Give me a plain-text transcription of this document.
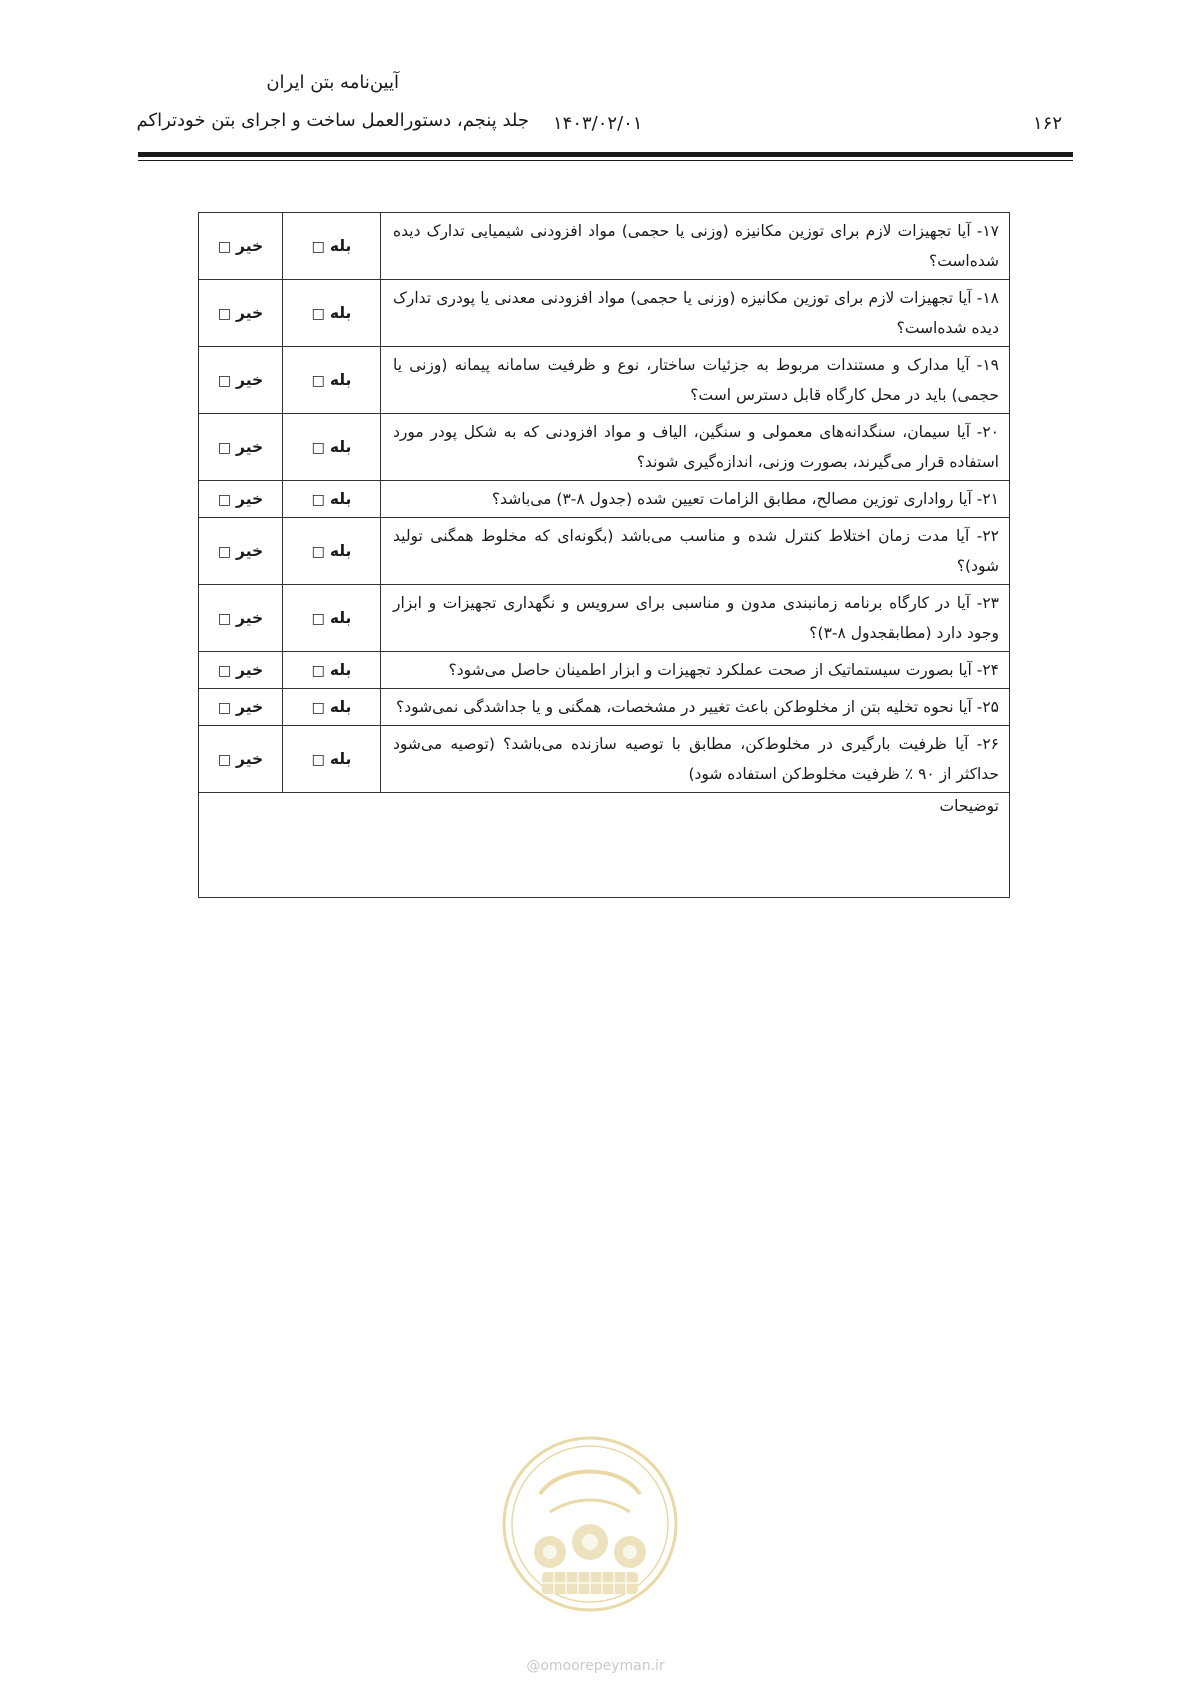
آیین‌نامه بتن ایران
جلد پنجم، دستورالعمل ساخت و اجرای بتن خودتراکم ۱۴۰۳/۰۲/۰۱	۱۶۲
۱۷- آیا تجهیزات لازم برای توزین مکانیزه (وزنی یا حجمی) مواد افزودنی شیمیایی تدارک دیده شده‌است؟	بله□	خیر□
۱۸- آیا تجهیزات لازم برای توزین مکانیزه (وزنی یا حجمی) مواد افزودنی معدنی یا پودری تدارک دیده شده‌است؟	بله□	خیر□
۱۹- آیا مدارک و مستندات مربوط به جزئیات ساختار، نوع و ظرفیت سامانه پیمانه (وزنی یا حجمی) باید در محل کارگاه قابل دسترس است؟	بله□	خیر□
۲۰- آیا سیمان، سنگدانه‌های معمولی و سنگین، الیاف و مواد افزودنی که به شکل پودر مورد استفاده قرار می‌گیرند، بصورت وزنی، اندازه‌گیری شوند؟	بله□	خیر□
۲۱- آیا رواداری توزین مصالح، مطابق الزامات تعیین شده (جدول ۸-۳) می‌باشد؟	بله□	خیر□
۲۲- آیا مدت زمان اختلاط کنترل شده و مناسب می‌باشد (بگونه‌ای که مخلوط همگنی تولید شود)؟	بله□	خیر□
۲۳- آیا در کارگاه برنامه زمانبندی مدون و مناسبی برای سرویس و نگهداری تجهیزات و ابزار وجود دارد (مطابقجدول ۸-۳)؟	بله□	خیر□
۲۴- آیا بصورت سیستماتیک از صحت عملکرد تجهیزات و ابزار اطمینان حاصل می‌شود؟	بله□	خیر□
۲۵- آیا نحوه تخلیه بتن از مخلوط‌کن باعث تغییر در مشخصات، همگنی و یا جداشدگی نمی‌شود؟	بله□	خیر□
۲۶- آیا ظرفیت بارگیری در مخلوط‌کن، مطابق با توصیه سازنده می‌باشد؟ (توصیه می‌شود حداکثر از ۹۰ ٪ ظرفیت مخلوط‌کن استفاده شود)	بله□	خیر□
توضیحات		
@omoorepeyman.ir
